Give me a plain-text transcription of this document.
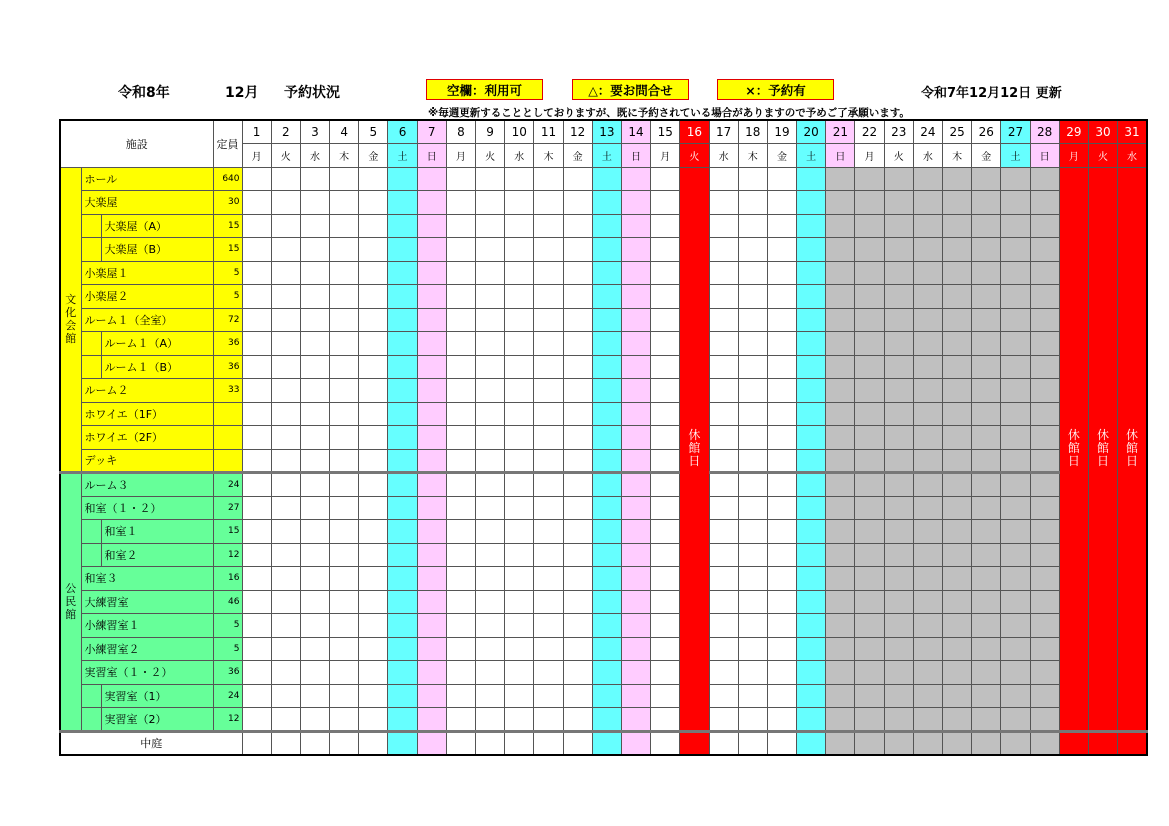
令和8年	12月 予約状況	空欄：利用可	△：要お問合せ	×：予約有	令和7年12月12日 更新
※毎週更新することとしておりますが、既に予約されている場合がありますので予めご了承願います。
施設			定員	1	2	3	4	5	6	7	8	9	10	11	12	13	14	15	16	17	18	19	20	21	22	23	24	25	26	27	28	29	30	31
				月	火	水	木	金	土	日	月	火	水	木	金	土	日	月	火	水	木	金	土	日	月	火	水	木	金	土	日	月	火	水
文化会館	ホール		640																休館日													休館日	休館日	休館日
	大楽屋		30																															
		大楽屋（A）	15																															
		大楽屋（B）	15																															
	小楽屋１		5																															
	小楽屋２		5																															
	ルーム１（全室）		72																															
		ルーム１（A）	36																															
		ルーム１（B）	36																															
	ルーム２		33																															
	ホワイエ（1F）																																	
	ホワイエ（2F）																																	
	デッキ																																	
公民館	ルーム３		24																															
	和室（１・２）		27																															
		和室１	15																															
		和室２	12																															
	和室３		16																															
	大練習室		46																															
	小練習室１		5																															
	小練習室２		5																															
	実習室（１・２）		36																															
		実習室（1）	24																															
		実習室（2）	12																															
中庭																																		
